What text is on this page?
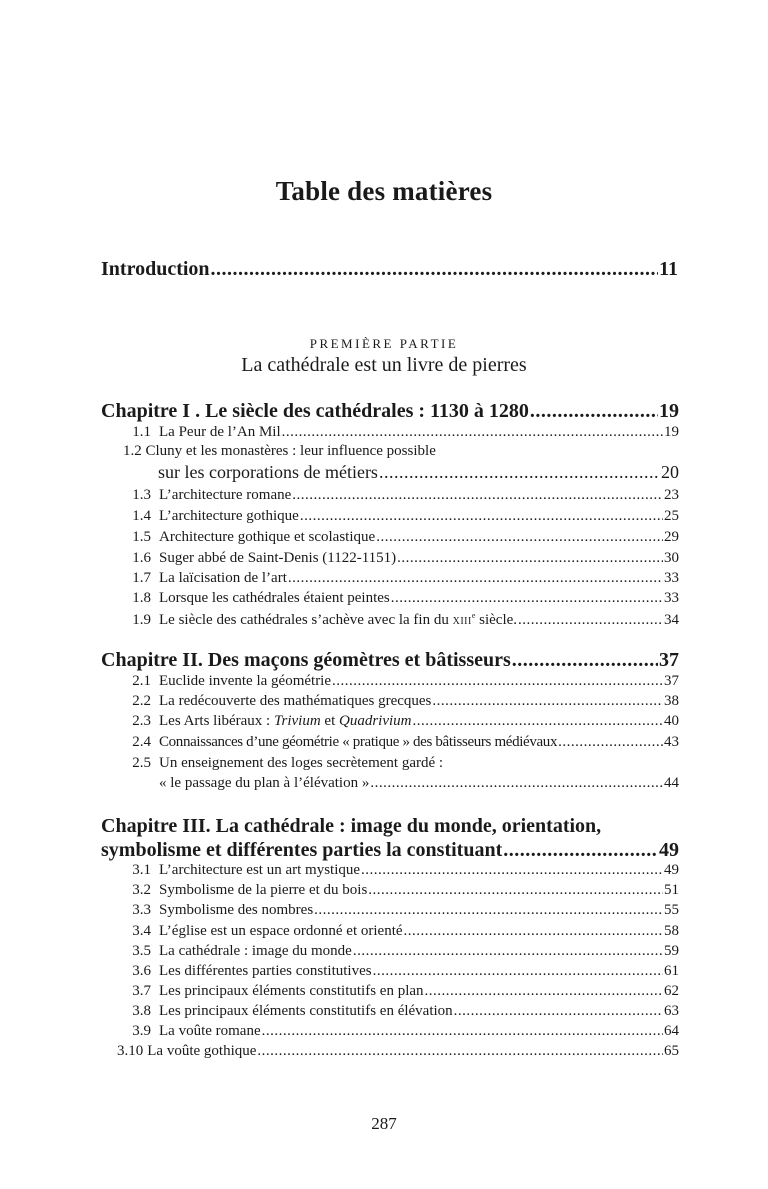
Table des matières
Introduction .....	11
PREMIÈRE PARTIE
La cathédrale est un livre de pierres
Chapitre I . Le siècle des cathédrales : 1130 à 1280 .....	19
1.1 La Peur de l’An Mil .....	19
1.2 Cluny et les monastères : leur influence possible
sur les corporations de métiers .....	20
1.3 L’architecture romane .....	23
1.4 L’architecture gothique .....	25
1.5 Architecture gothique et scolastique .....	29
1.6 Suger abbé de Saint-Denis (1122-1151) .....	30
1.7 La laïcisation de l’art .....	33
1.8 Lorsque les cathédrales étaient peintes .....	33
1.9 Le siècle des cathédrales s’achève avec la fin du XIIIe siècle. .....	34
Chapitre II. Des maçons géomètres et bâtisseurs .....	37
2.1 Euclide invente la géométrie .....	37
2.2 La redécouverte des mathématiques grecques .....	38
2.3 Les Arts libéraux : Trivium et Quadrivium .....	40
2.4 Connaissances d’une géométrie « pratique » des bâtisseurs médiévaux .....	43
2.5 Un enseignement des loges secrètement gardé :
« le passage du plan à l’élévation » .....	44
Chapitre III. La cathédrale : image du monde, orientation,
symbolisme et différentes parties la constituant .....	49
3.1 L’architecture est un art mystique .....	49
3.2 Symbolisme de la pierre et du bois .....	51
3.3 Symbolisme des nombres .....	55
3.4 L’église est un espace ordonné et orienté .....	58
3.5 La cathédrale : image du monde .....	59
3.6 Les différentes parties constitutives .....	61
3.7 Les principaux éléments constitutifs en plan .....	62
3.8 Les principaux éléments constitutifs en élévation .....	63
3.9 La voûte romane .....	64
3.10 La voûte gothique .....	65
287
